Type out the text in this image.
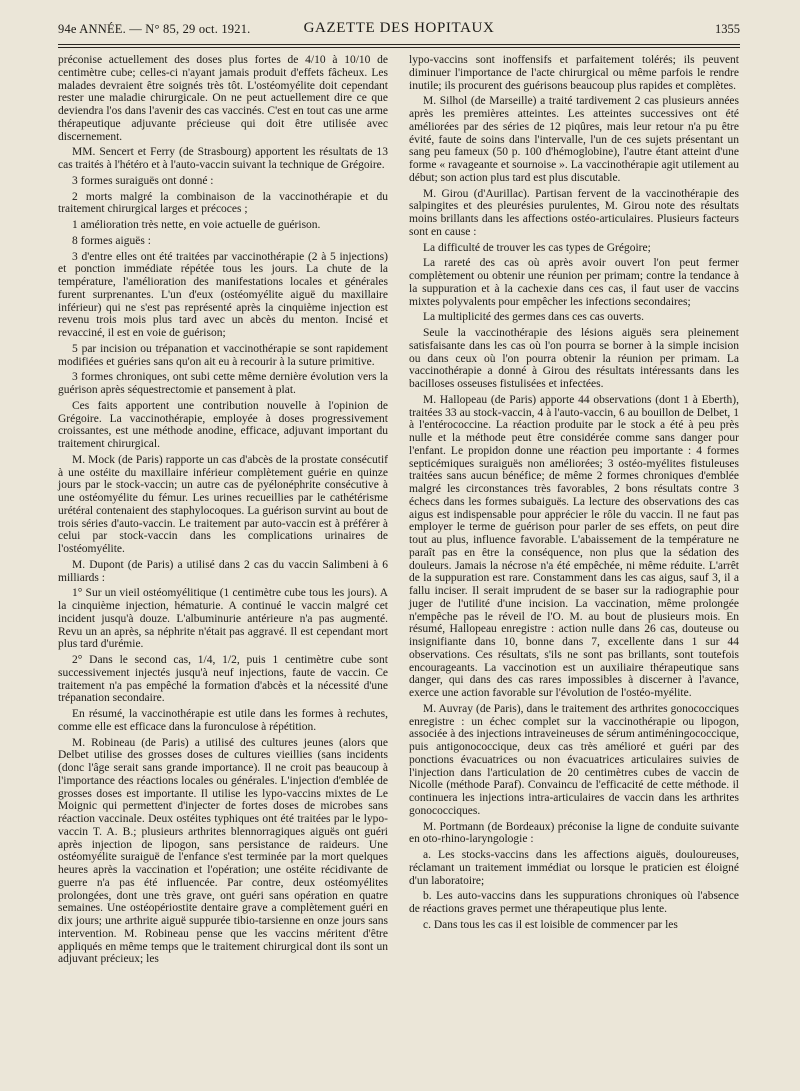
94e ANNÉE. — N° 85, 29 oct. 1921.	GAZETTE DES HOPITAUX	1355

préconise actuellement des doses plus fortes de 4/10 à 10/10 de centimètre cube; celles-ci n'ayant jamais produit d'effets fâcheux. Les malades devraient être soignés très tôt. L'ostéomyélite doit cependant rester une maladie chirurgicale. On ne peut actuellement dire ce que deviendra l'os dans l'avenir des cas vaccinés. C'est en tout cas une arme thérapeutique adjuvante précieuse qui doit être utilisée avec discernement.

MM. Sencert et Ferry (de Strasbourg) apportent les résultats de 13 cas traités à l'hétéro et à l'auto-vaccin suivant la technique de Grégoire.

3 formes suraiguës ont donné :

2 morts malgré la combinaison de la vaccinothérapie et du traitement chirurgical larges et précoces ;

1 amélioration très nette, en voie actuelle de guérison.

8 formes aiguës :

3 d'entre elles ont été traitées par vaccinothérapie (2 à 5 injections) et ponction immédiate répétée tous les jours. La chute de la température, l'amélioration des manifestations locales et générales furent surprenantes. L'un d'eux (ostéomyélite aiguë du maxillaire inférieur) qui ne s'est pas représenté après la cinquième injection est revenu trois mois plus tard avec un abcès du menton. Incisé et revacciné, il est en voie de guérison;

5 par incision ou trépanation et vaccinothérapie se sont rapidement modifiées et guéries sans qu'on ait eu à recourir à la suture primitive.

3 formes chroniques, ont subi cette même dernière évolution vers la guérison après séquestrectomie et pansement à plat.

Ces faits apportent une contribution nouvelle à l'opinion de Grégoire. La vaccinothérapie, employée à doses progressivement croissantes, est une méthode anodine, efficace, adjuvant important du traitement chirurgical.

M. Mock (de Paris) rapporte un cas d'abcès de la prostate consécutif à une ostéite du maxillaire inférieur complètement guérie en quinze jours par le stock-vaccin; un autre cas de pyélonéphrite consécutive à une ostéomyélite du fémur. Les urines recueillies par le cathétérisme urétéral contenaient des staphylocoques. La guérison survint au bout de trois séries d'auto-vaccin. Le traitement par auto-vaccin est à préférer à celui par stock-vaccin dans les complications urinaires de l'ostéomyélite.

M. Dupont (de Paris) a utilisé dans 2 cas du vaccin Salimbeni à 6 milliards :

1° Sur un vieil ostéomyélitique (1 centimètre cube tous les jours). A la cinquième injection, hématurie. A continué le vaccin malgré cet incident jusqu'à douze. L'albuminurie antérieure n'a pas augmenté. Revu un an après, sa néphrite n'était pas aggravé. Il est cependant mort plus tard d'urémie.

2° Dans le second cas, 1/4, 1/2, puis 1 centimètre cube sont successivement injectés jusqu'à neuf injections, faute de vaccin. Ce traitement n'a pas empêché la formation d'abcès et la nécessité d'une trépanation secondaire.

En résumé, la vaccinothérapie est utile dans les formes à rechutes, comme elle est efficace dans la furonculose à répétition.

M. Robineau (de Paris) a utilisé des cultures jeunes (alors que Delbet utilise des grosses doses de cultures vieillies (sans incidents (donc l'âge serait sans grande importance). Il ne croit pas beaucoup à l'importance des réactions locales ou générales. L'injection d'emblée de grosses doses est importante. Il utilise les lypo-vaccins mixtes de Le Moignic qui permettent d'injecter de fortes doses de microbes sans réaction vaccinale. Deux ostéites typhiques ont été traitées par le lypo-vaccin T. A. B.; plusieurs arthrites blennorragiques aiguës ont guéri après injection de lipogon, sans persistance de raideurs. Une ostéomyélite suraiguë de l'enfance s'est terminée par la mort quelques heures après la vaccination et l'opération; une ostéite récidivante de guerre n'a pas été influencée. Par contre, deux ostéomyélites prolongées, dont une très grave, ont guéri sans opération en quatre semaines. Une ostéopériostite dentaire grave a complètement guéri en dix jours; une arthrite aiguë suppurée tibio-tarsienne en onze jours sans intervention. M. Robineau pense que les vaccins méritent d'être appliqués en même temps que le traitement chirurgical dont ils sont un adjuvant précieux; les

lypo-vaccins sont inoffensifs et parfaitement tolérés; ils peuvent diminuer l'importance de l'acte chirurgical ou même parfois le rendre inutile; ils procurent des guérisons beaucoup plus rapides et complètes.

M. Silhol (de Marseille) a traité tardivement 2 cas plusieurs années après les premières atteintes. Les atteintes successives ont été améliorées par des séries de 12 piqûres, mais leur retour n'a pu être évité, faute de soins dans l'intervalle, l'un de ces sujets présentant un sang peu fameux (50 p. 100 d'hémoglobine), l'autre étant atteint d'une forme « ravageante et sournoise ». La vaccinothérapie agit utilement au début; son action plus tard est plus discutable.

M. Girou (d'Aurillac). Partisan fervent de la vaccinothérapie des salpingites et des pleurésies purulentes, M. Girou note des résultats moins brillants dans les affections ostéo-articulaires. Plusieurs facteurs sont en cause :

La difficulté de trouver les cas types de Grégoire;

La rareté des cas où après avoir ouvert l'on peut fermer complètement ou obtenir une réunion per primam; contre la tendance à la suppuration et à la cachexie dans ces cas, il faut user de vaccins mixtes polyvalents pour empêcher les infections secondaires;

La multiplicité des germes dans ces cas ouverts.

Seule la vaccinothérapie des lésions aiguës sera pleinement satisfaisante dans les cas où l'on pourra se borner à la simple incision ou dans ceux où l'on pourra obtenir la réunion per primam. La vaccinothérapie a donné à Girou des résultats intéressants dans les bacilloses osseuses fistulisées et infectées.

M. Hallopeau (de Paris) apporte 44 observations (dont 1 à Eberth), traitées 33 au stock-vaccin, 4 à l'auto-vaccin, 6 au bouillon de Delbet, 1 à l'entérococcine. La réaction produite par le stock a été à peu près nulle et la méthode peut être considérée comme sans danger pour l'enfant. Le propidon donne une réaction peu importante : 4 formes septicémiques suraiguës non améliorées; 3 ostéo-myélites fistuleuses traitées sans aucun bénéfice; de même 2 formes chroniques d'emblée malgré les circonstances très favorables, 2 bons résultats contre 3 échecs dans les formes subaiguës. La lecture des observations des cas aigus est indispensable pour apprécier le rôle du vaccin. Il ne faut pas employer le terme de guérison pour parler de ses effets, on peut dire tout au plus, influence favorable. L'abaissement de la température ne paraît pas en être la conséquence, non plus que la sédation des douleurs. Jamais la nécrose n'a été empêchée, ni même réduite. L'arrêt de la suppuration est rare. Constamment dans les cas aigus, sauf 3, il a fallu inciser. Il serait imprudent de se baser sur la radiographie pour juger de l'utilité d'une incision. La vaccination, même prolongée n'empêche pas le réveil de l'O. M. au bout de plusieurs mois. En résumé, Hallopeau enregistre : action nulle dans 26 cas, douteuse ou insignifiante dans 10, bonne dans 7, excellente dans 1 sur 44 observations. Ces résultats, s'ils ne sont pas brillants, sont toutefois encourageants. La vaccinotion est un auxiliaire thérapeutique sans danger, qui dans des cas rares impossibles à discerner à l'avance, exerce une action favorable sur l'évolution de l'ostéo-myélite.

M. Auvray (de Paris), dans le traitement des arthrites gonococciques enregistre : un échec complet sur la vaccinothérapie ou lipogon, associée à des injections intraveineuses de sérum antiméningococcique, puis antigonococcique, deux cas très amélioré et guéri par des ponctions évacuatrices ou non évacuatrices articulaires suivies de l'injection dans l'articulation de 20 centimètres cubes de vaccin de Nicolle (méthode Paraf). Convaincu de l'efficacité de cette méthode. il continuera les injections intra-articulaires de vaccin dans les arthrites gonococciques.

M. Portmann (de Bordeaux) préconise la ligne de conduite suivante en oto-rhino-laryngologie :

a. Les stocks-vaccins dans les affections aiguës, douloureuses, réclamant un traitement immédiat ou lorsque le praticien est éloigné d'un laboratoire;

b. Les auto-vaccins dans les suppurations chroniques où l'absence de réactions graves permet une thérapeutique plus lente.

c. Dans tous les cas il est loisible de commencer par les
